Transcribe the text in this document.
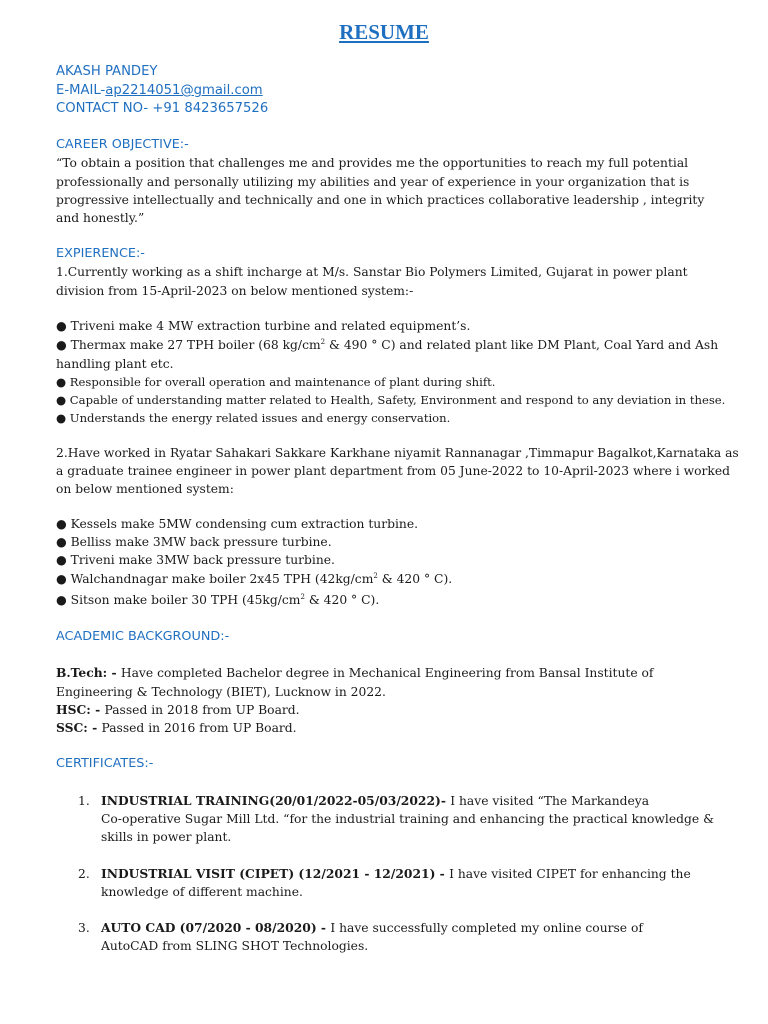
RESUME
AKASH PANDEY
E-MAIL-ap2214051@gmail.com
CONTACT NO- +91 8423657526
CAREER OBJECTIVE:-
“To obtain a position that challenges me and provides me the opportunities to reach my full potential
professionally and personally utilizing my abilities and year of experience in your organization that is
progressive intellectually and technically and one in which practices collaborative leadership , integrity
and honestly.”
EXPIERENCE:-
1.Currently working as a shift incharge at M/s. Sanstar Bio Polymers Limited, Gujarat in power plant
division from 15-April-2023 on below mentioned system:-
● Triveni make 4 MW extraction turbine and related equipment’s.
● Thermax make 27 TPH boiler (68 $kg/cm^2$ & 490 ° C) and related plant like DM Plant, Coal Yard and Ash
handling plant etc.
● Responsible for overall operation and maintenance of plant during shift.
● Capable of understanding matter related to Health, Safety, Environment and respond to any deviation in these.
● Understands the energy related issues and energy conservation.
2.Have worked in Ryatar Sahakari Sakkare Karkhane niyamit Rannanagar ,Timmapur Bagalkot,Karnataka as
a graduate trainee engineer in power plant department from 05 June-2022 to 10-April-2023 where i worked
on below mentioned system:
● Kessels make 5MW condensing cum extraction turbine.
● Belliss make 3MW back pressure turbine.
● Triveni make 3MW back pressure turbine.
● Walchandnagar make boiler 2x45 TPH ($42kg/cm^2$ & 420 ° C).
● Sitson make boiler 30 TPH ($45kg/cm^2$ & 420 ° C).
ACADEMIC BACKGROUND:-
B.Tech: - Have completed Bachelor degree in Mechanical Engineering from Bansal Institute of
Engineering & Technology (BIET), Lucknow in 2022.
HSC: - Passed in 2018 from UP Board.
SSC: - Passed in 2016 from UP Board.
CERTIFICATES:-
1. INDUSTRIAL TRAINING(20/01/2022-05/03/2022)- I have visited “The Markandeya
Co-operative Sugar Mill Ltd. “for the industrial training and enhancing the practical knowledge &
skills in power plant.
2. INDUSTRIAL VISIT (CIPET) (12/2021 - 12/2021) - I have visited CIPET for enhancing the
knowledge of different machine.
3. AUTO CAD (07/2020 - 08/2020) - I have successfully completed my online course of
AutoCAD from SLING SHOT Technologies.
